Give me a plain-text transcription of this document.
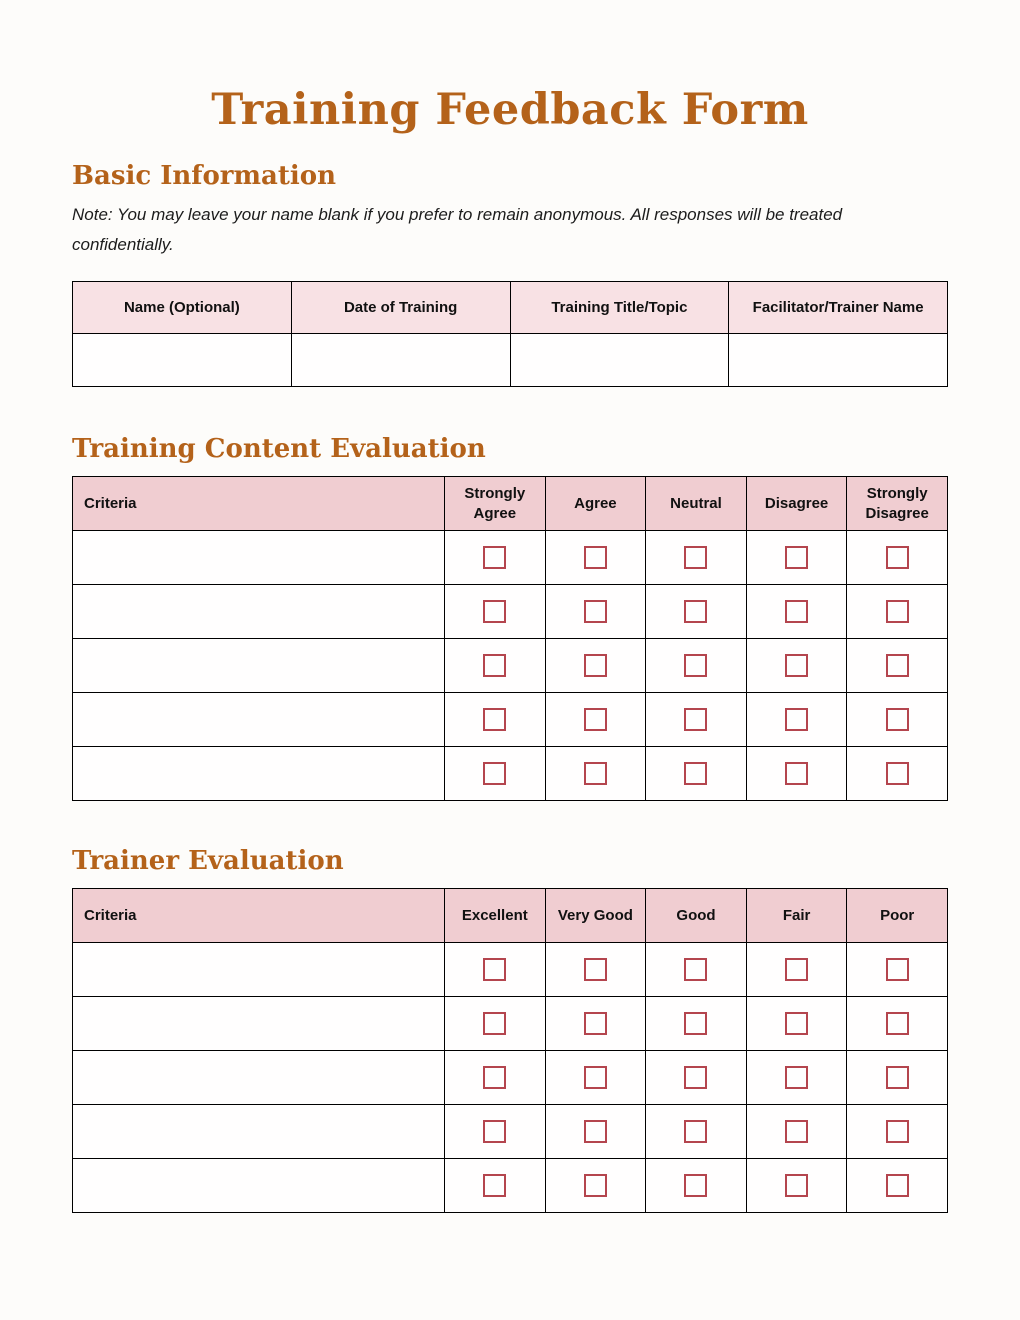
Training Feedback Form
Basic Information

Note: You may leave your name blank if you prefer to remain anonymous. All responses will be treated confidentially.

Name (Optional)	Date of Training	Training Title/Topic	Facilitator/Trainer Name

Training Content Evaluation
Criteria	Strongly Agree	Agree	Neutral	Disagree	Strongly Disagree

Trainer Evaluation
Criteria	Excellent	Very Good	Good	Fair	Poor
